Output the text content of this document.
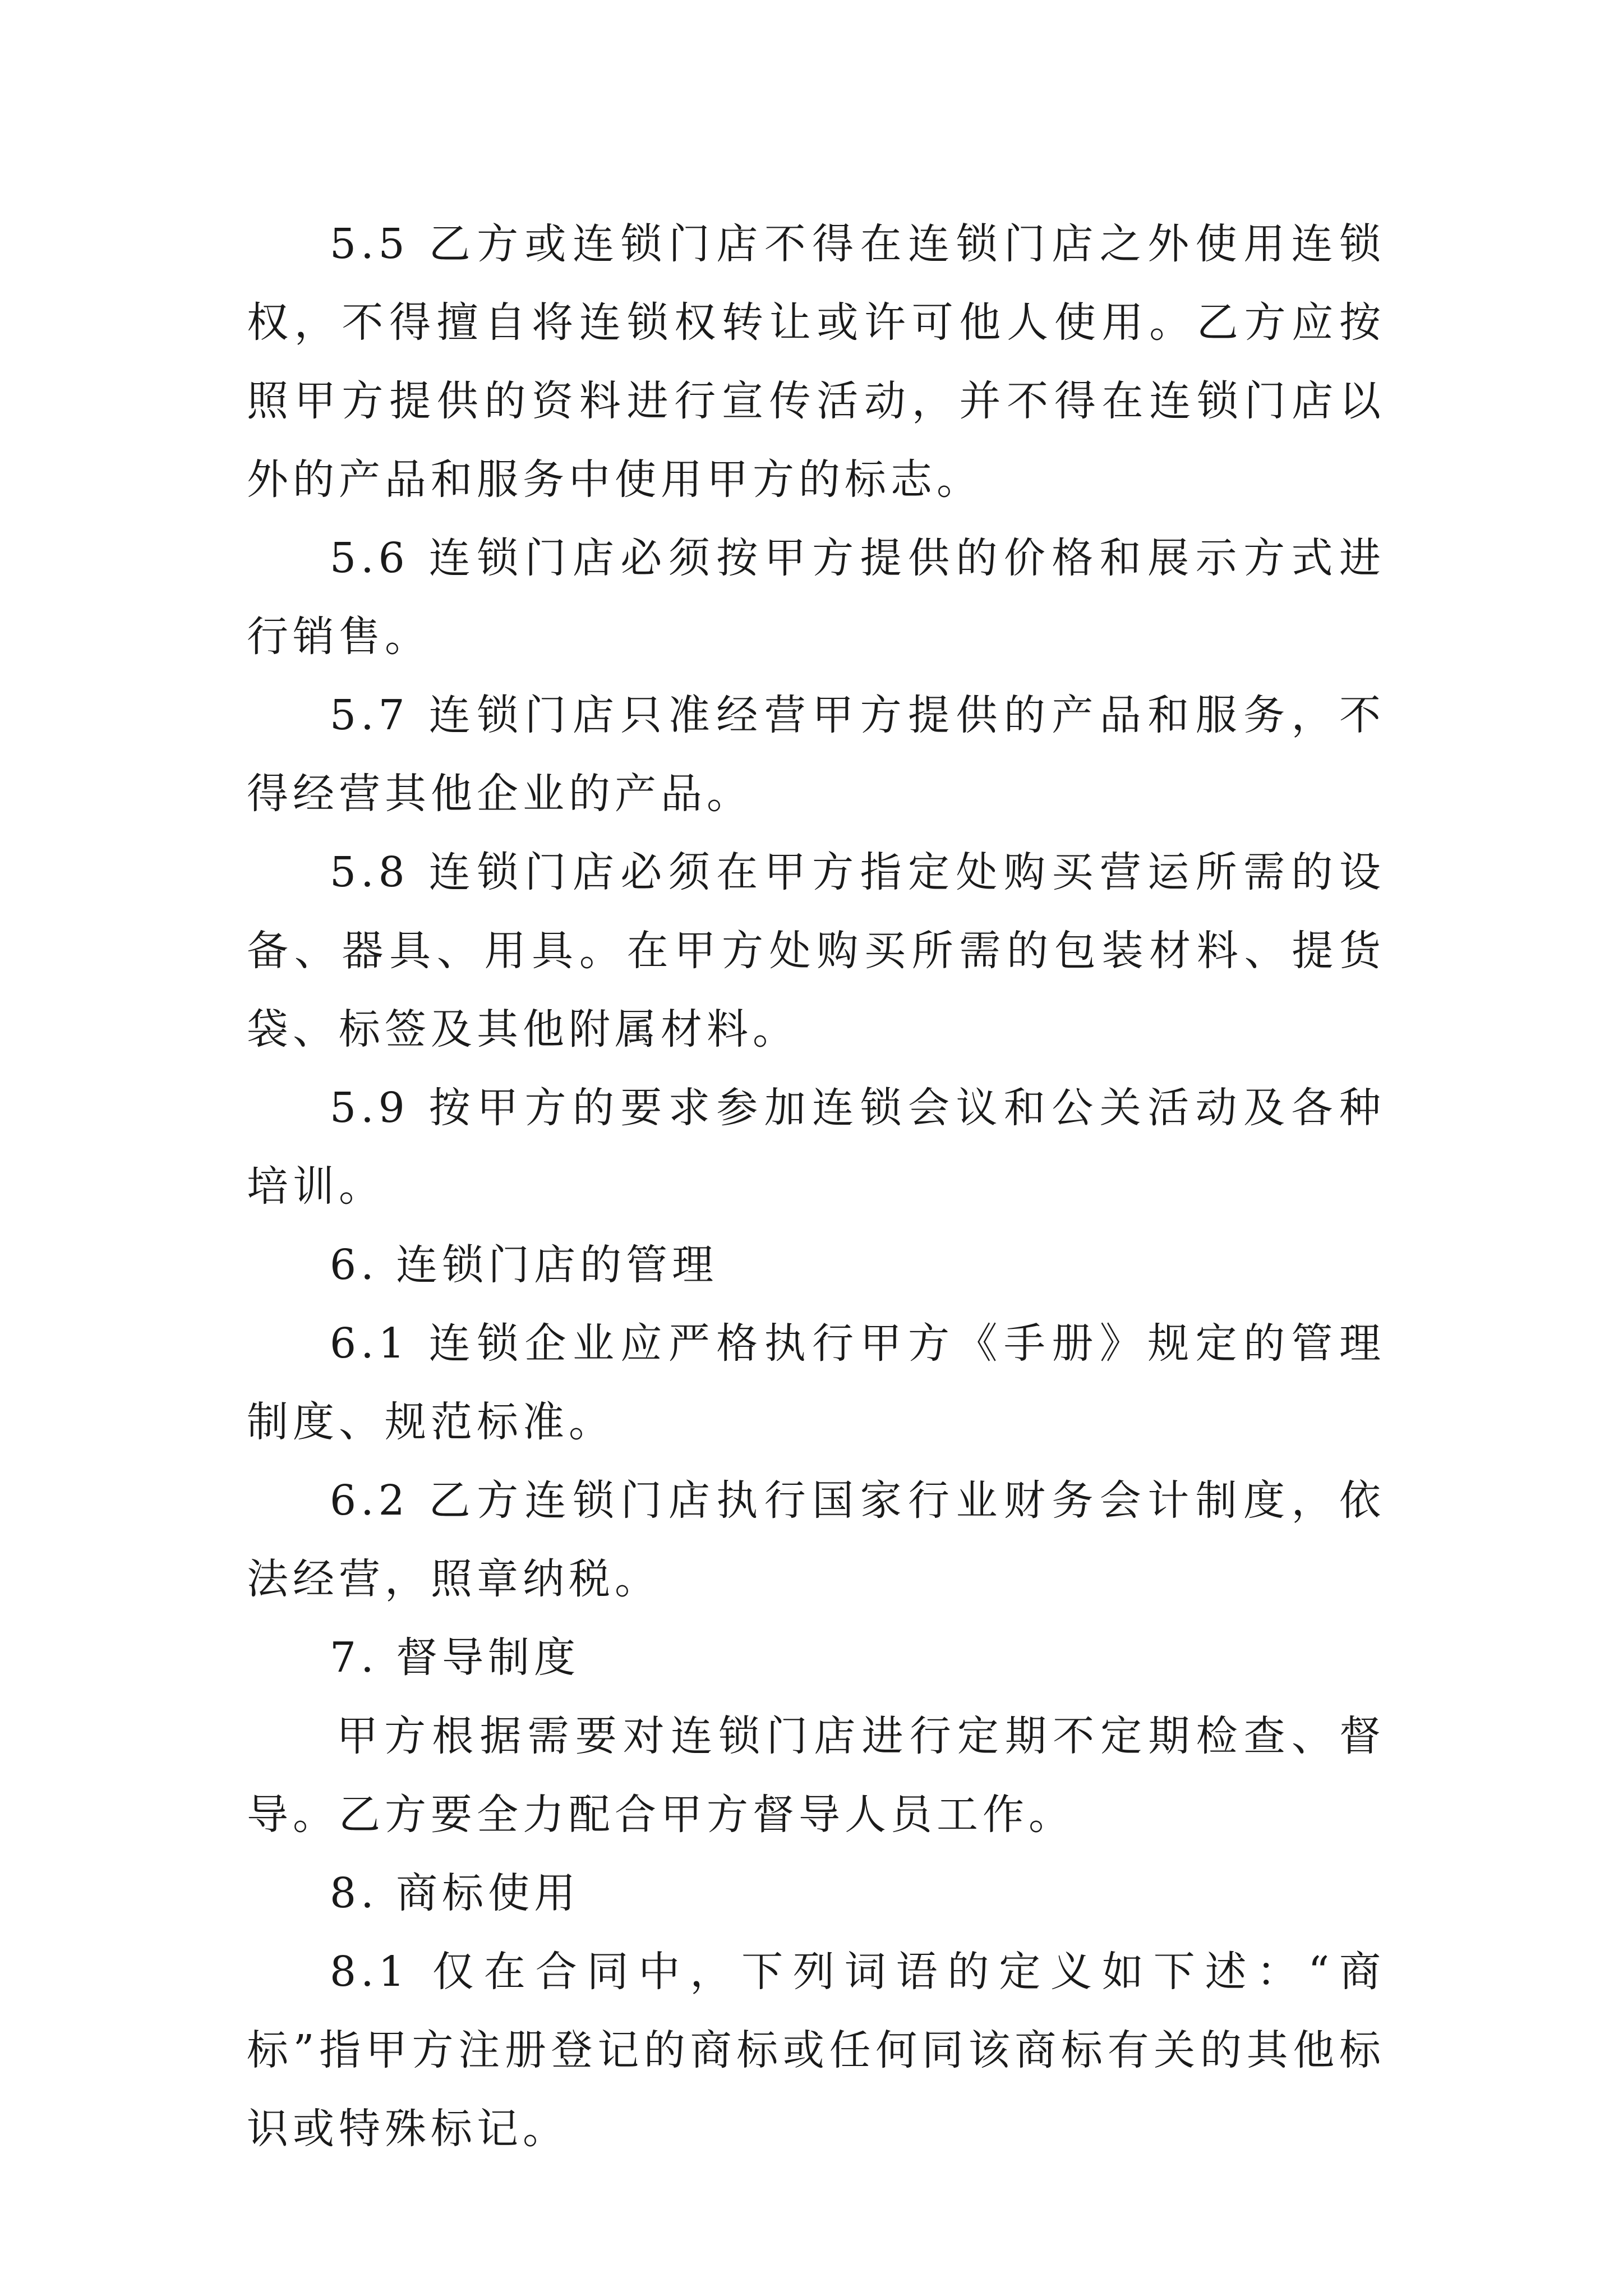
5.5 乙方或连锁门店不得在连锁门店之外使用连锁权，不得擅自将连锁权转让或许可他人使用。乙方应按照甲方提供的资料进行宣传活动，并不得在连锁门店以外的产品和服务中使用甲方的标志。

5.6 连锁门店必须按甲方提供的价格和展示方式进行销售。

5.7 连锁门店只准经营甲方提供的产品和服务，不得经营其他企业的产品。

5.8 连锁门店必须在甲方指定处购买营运所需的设备、器具、用具。在甲方处购买所需的包装材料、提货袋、标签及其他附属材料。

5.9 按甲方的要求参加连锁会议和公关活动及各种培训。

6. 连锁门店的管理

6.1 连锁企业应严格执行甲方《手册》规定的管理制度、规范标准。

6.2 乙方连锁门店执行国家行业财务会计制度，依法经营，照章纳税。

7. 督导制度

甲方根据需要对连锁门店进行定期不定期检查、督导。乙方要全力配合甲方督导人员工作。

8. 商标使用

8.1 仅在合同中，下列词语的定义如下述：“商标”指甲方注册登记的商标或任何同该商标有关的其他标识或特殊标记。
